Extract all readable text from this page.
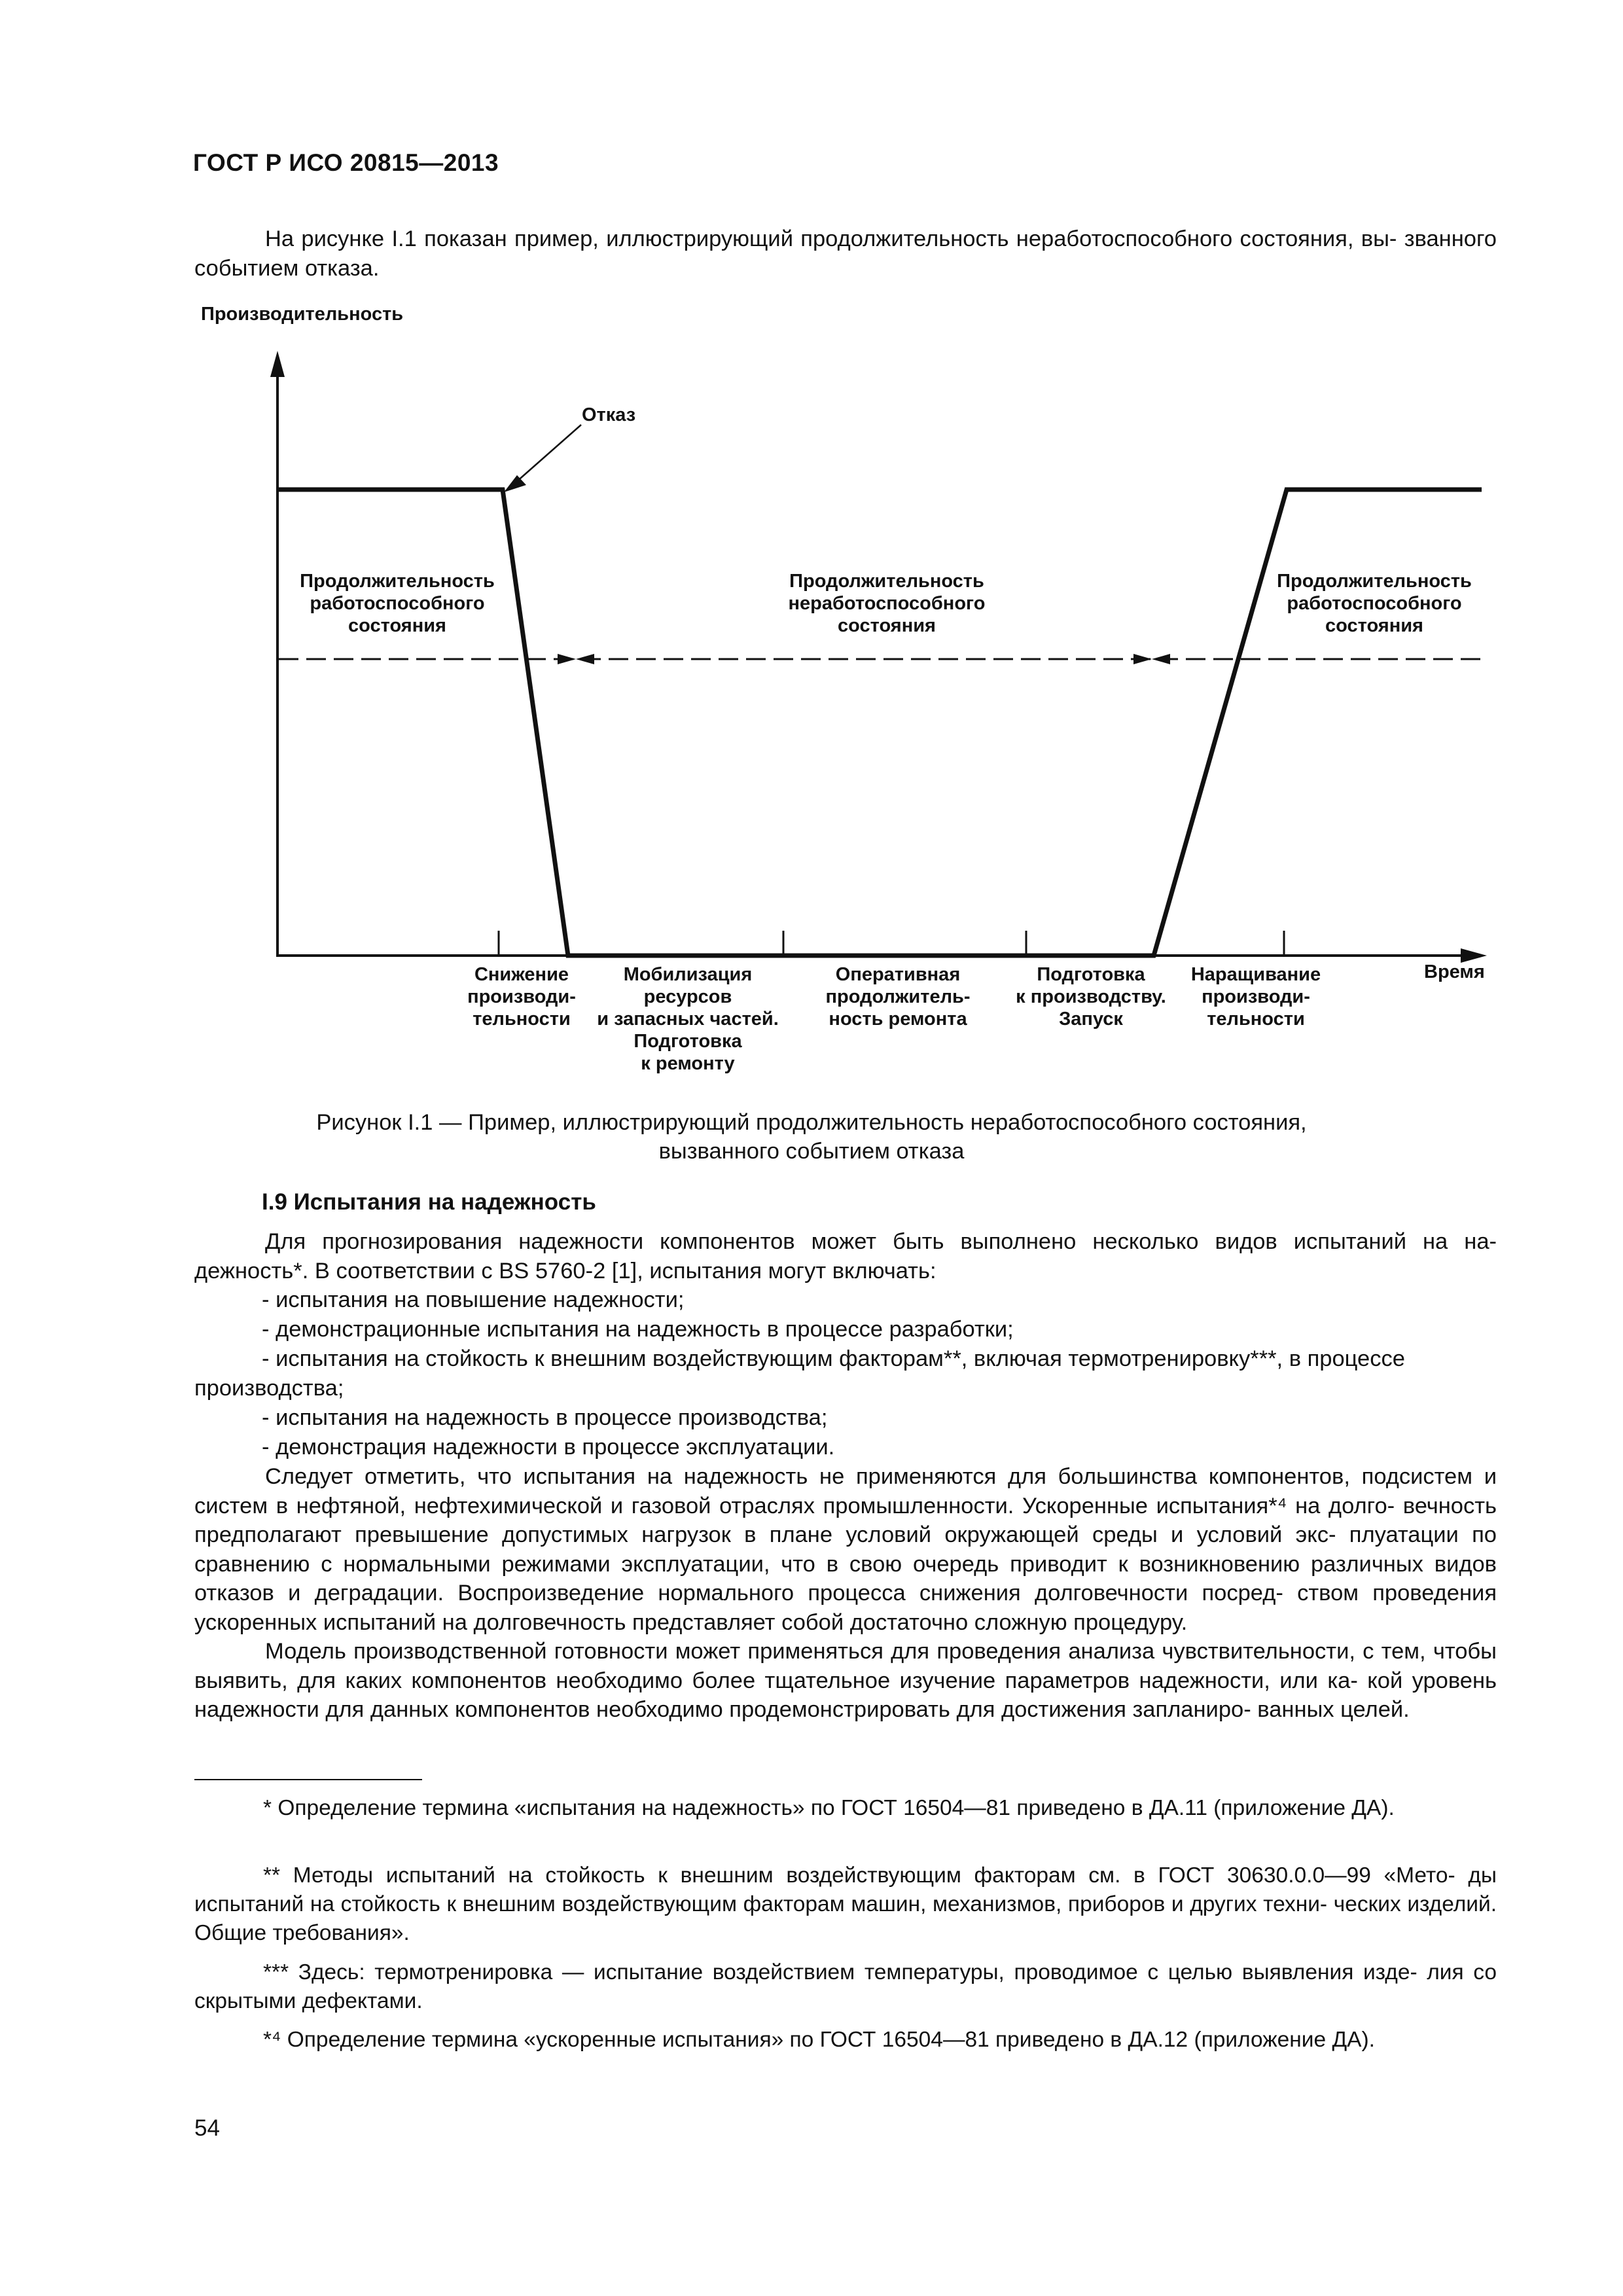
ГОСТ Р ИСО 20815—2013

На рисунке I.1 показан пример, иллюстрирующий продолжительность неработоспособного состояния, вы- званного событием отказа.

Производительность
Время
Отказ
Продолжительность
работоспособного
состояния
Продолжительность
неработоспособного
состояния
Продолжительность
работоспособного
состояния
Снижение
производи-
тельности
Мобилизация
ресурсов
и запасных частей.
Подготовка
к ремонту
Оперативная
продолжитель-
ность ремонта
Подготовка
к производству.
Запуск
Наращивание
производи-
тельности
Рисунок I.1 — Пример, иллюстрирующий продолжительность неработоспособного состояния,
вызванного событием отказа
I.9 Испытания на надежность

Для прогнозирования надежности компонентов может быть выполнено несколько видов испытаний на на- дежность*. В соответствии с BS 5760-2 [1], испытания могут включать:

- испытания на повышение надежности;
- демонстрационные испытания на надежность в процессе разработки;
- испытания на стойкость к внешним воздействующим факторам**, включая термотренировку***, в процессе
производства;
- испытания на надежность в процессе производства;
- демонстрация надежности в процессе эксплуатации.

Следует отметить, что испытания на надежность не применяются для большинства компонентов, подсистем и систем в нефтяной, нефтехимической и газовой отраслях промышленности. Ускоренные испытания*⁴ на долго- вечность предполагают превышение допустимых нагрузок в плане условий окружающей среды и условий экс- плуатации по сравнению с нормальными режимами эксплуатации, что в свою очередь приводит к возникновению различных видов отказов и деградации. Воспроизведение нормального процесса снижения долговечности посред- ством проведения ускоренных испытаний на долговечность представляет собой достаточно сложную процедуру.

Модель производственной готовности может применяться для проведения анализа чувствительности, с тем, чтобы выявить, для каких компонентов необходимо более тщательное изучение параметров надежности, или ка- кой уровень надежности для данных компонентов необходимо продемонстрировать для достижения запланиро- ванных целей.

* Определение термина «испытания на надежность» по ГОСТ 16504—81 приведено в ДА.11 (приложение ДА).

** Методы испытаний на стойкость к внешним воздействующим факторам см. в ГОСТ 30630.0.0—99 «Мето- ды испытаний на стойкость к внешним воздействующим факторам машин, механизмов, приборов и других техни- ческих изделий. Общие требования».

*** Здесь: термотренировка — испытание воздействием температуры, проводимое с целью выявления изде- лия со скрытыми дефектами.

*⁴ Определение термина «ускоренные испытания» по ГОСТ 16504—81 приведено в ДА.12 (приложение ДА).

54
